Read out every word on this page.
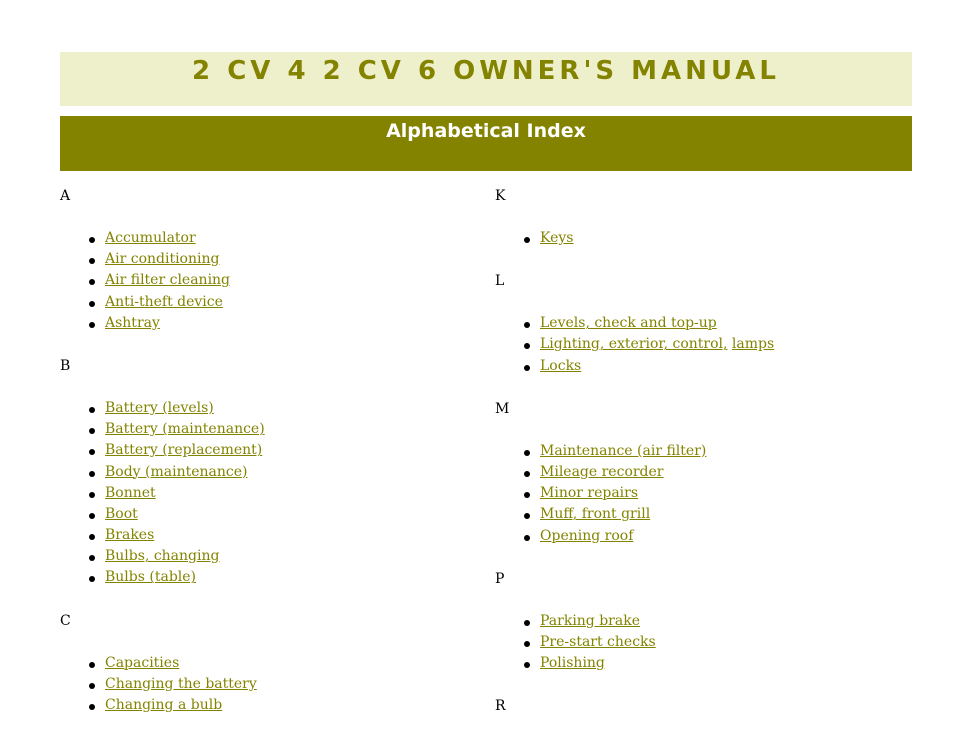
2 CV 4 2 CV 6 OWNER'S MANUAL
Alphabetical Index

A

Accumulator
Air conditioning
Air filter cleaning
Anti-theft device
Ashtray

B

Battery (levels)
Battery (maintenance)
Battery (replacement)
Body (maintenance)
Bonnet
Boot
Brakes
Bulbs, changing
Bulbs (table)

C

Capacities
Changing the battery
Changing a bulb

K

Keys

L

Levels, check and top-up
Lighting, exterior, control, lamps
Locks

M

Maintenance (air filter)
Mileage recorder
Minor repairs
Muff, front grill
Opening roof

P

Parking brake
Pre-start checks
Polishing

R
